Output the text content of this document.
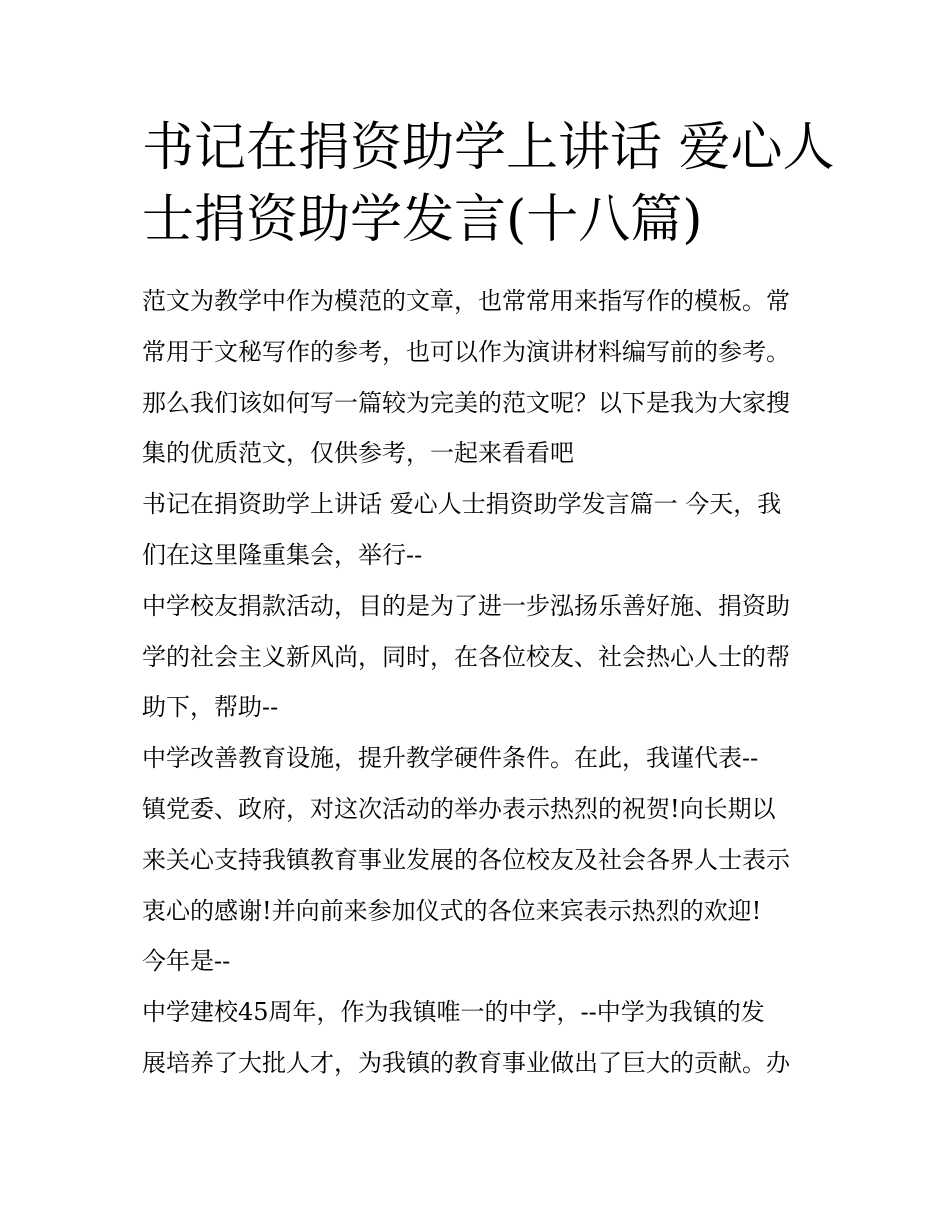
书记在捐资助学上讲话 爱心人
士捐资助学发言(十八篇)
范文为教学中作为模范的文章，也常常用来指写作的模板。常
常用于文秘写作的参考，也可以作为演讲材料编写前的参考。
那么我们该如何写一篇较为完美的范文呢？以下是我为大家搜
集的优质范文，仅供参考，一起来看看吧
书记在捐资助学上讲话 爱心人士捐资助学发言篇一 今天，我
们在这里隆重集会，举行--
中学校友捐款活动，目的是为了进一步泓扬乐善好施、捐资助
学的社会主义新风尚，同时，在各位校友、社会热心人士的帮
助下，帮助--
中学改善教育设施，提升教学硬件条件。在此，我谨代表--
镇党委、政府，对这次活动的举办表示热烈的祝贺!向长期以
来关心支持我镇教育事业发展的各位校友及社会各界人士表示
衷心的感谢!并向前来参加仪式的各位来宾表示热烈的欢迎!
今年是--
中学建校45周年，作为我镇唯一的中学，--中学为我镇的发
展培养了大批人才，为我镇的教育事业做出了巨大的贡献。办
